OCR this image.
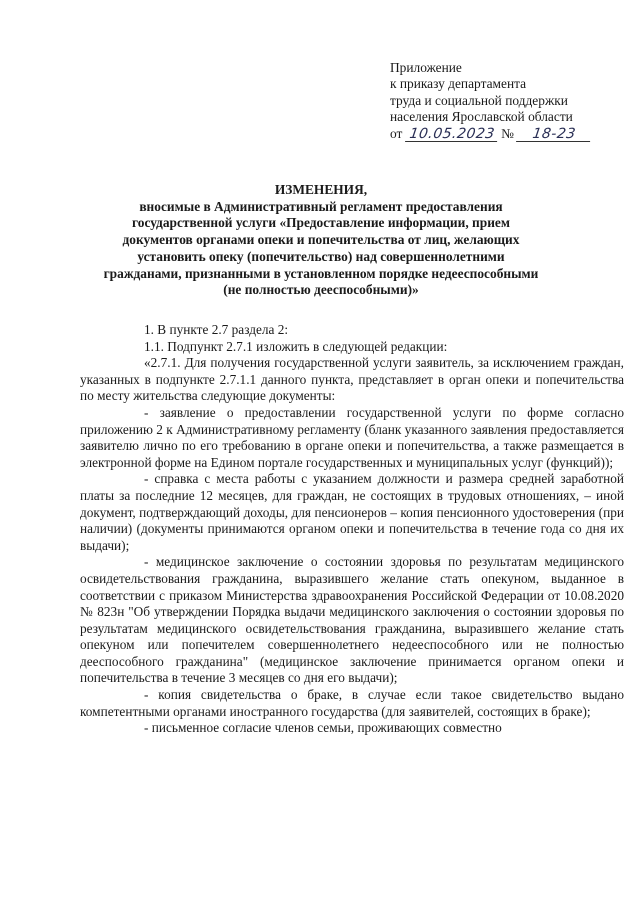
Приложение
к приказу департамента
труда и социальной поддержки
населения Ярославской области
от 10.05.2023 № 18-23
ИЗМЕНЕНИЯ,
вносимые в Административный регламент предоставления
государственной услуги «Предоставление информации, прием
документов органами опеки и попечительства от лиц, желающих
установить опеку (попечительство) над совершеннолетними
гражданами, признанными в установленном порядке недееспособными
(не полностью дееспособными)»

1. В пункте 2.7 раздела 2:

1.1. Подпункт 2.7.1 изложить в следующей редакции:

«2.7.1. Для получения государственной услуги заявитель, за исключением граждан, указанных в подпункте 2.7.1.1 данного пункта, представляет в орган опеки и попечительства по месту жительства следующие документы:

- заявление о предоставлении государственной услуги по форме согласно приложению 2 к Административному регламенту (бланк указанного заявления предоставляется заявителю лично по его требованию в органе опеки и попечительства, а также размещается в электронной форме на Едином портале государственных и муниципальных услуг (функций));

- справка с места работы с указанием должности и размера средней заработной платы за последние 12 месяцев, для граждан, не состоящих в трудовых отношениях, – иной документ, подтверждающий доходы, для пенсионеров – копия пенсионного удостоверения (при наличии) (документы принимаются органом опеки и попечительства в течение года со дня их выдачи);

- медицинское заключение о состоянии здоровья по результатам медицинского освидетельствования гражданина, выразившего желание стать опекуном, выданное в соответствии с приказом Министерства здравоохранения Российской Федерации от 10.08.2020 № 823н "Об утверждении Порядка выдачи медицинского заключения о состоянии здоровья по результатам медицинского освидетельствования гражданина, выразившего желание стать опекуном или попечителем совершеннолетнего недееспособного или не полностью дееспособного гражданина" (медицинское заключение принимается органом опеки и попечительства в течение 3 месяцев со дня его выдачи);

- копия свидетельства о браке, в случае если такое свидетельство выдано компетентными органами иностранного государства (для заявителей, состоящих в браке);

- письменное согласие членов семьи, проживающих совместно
